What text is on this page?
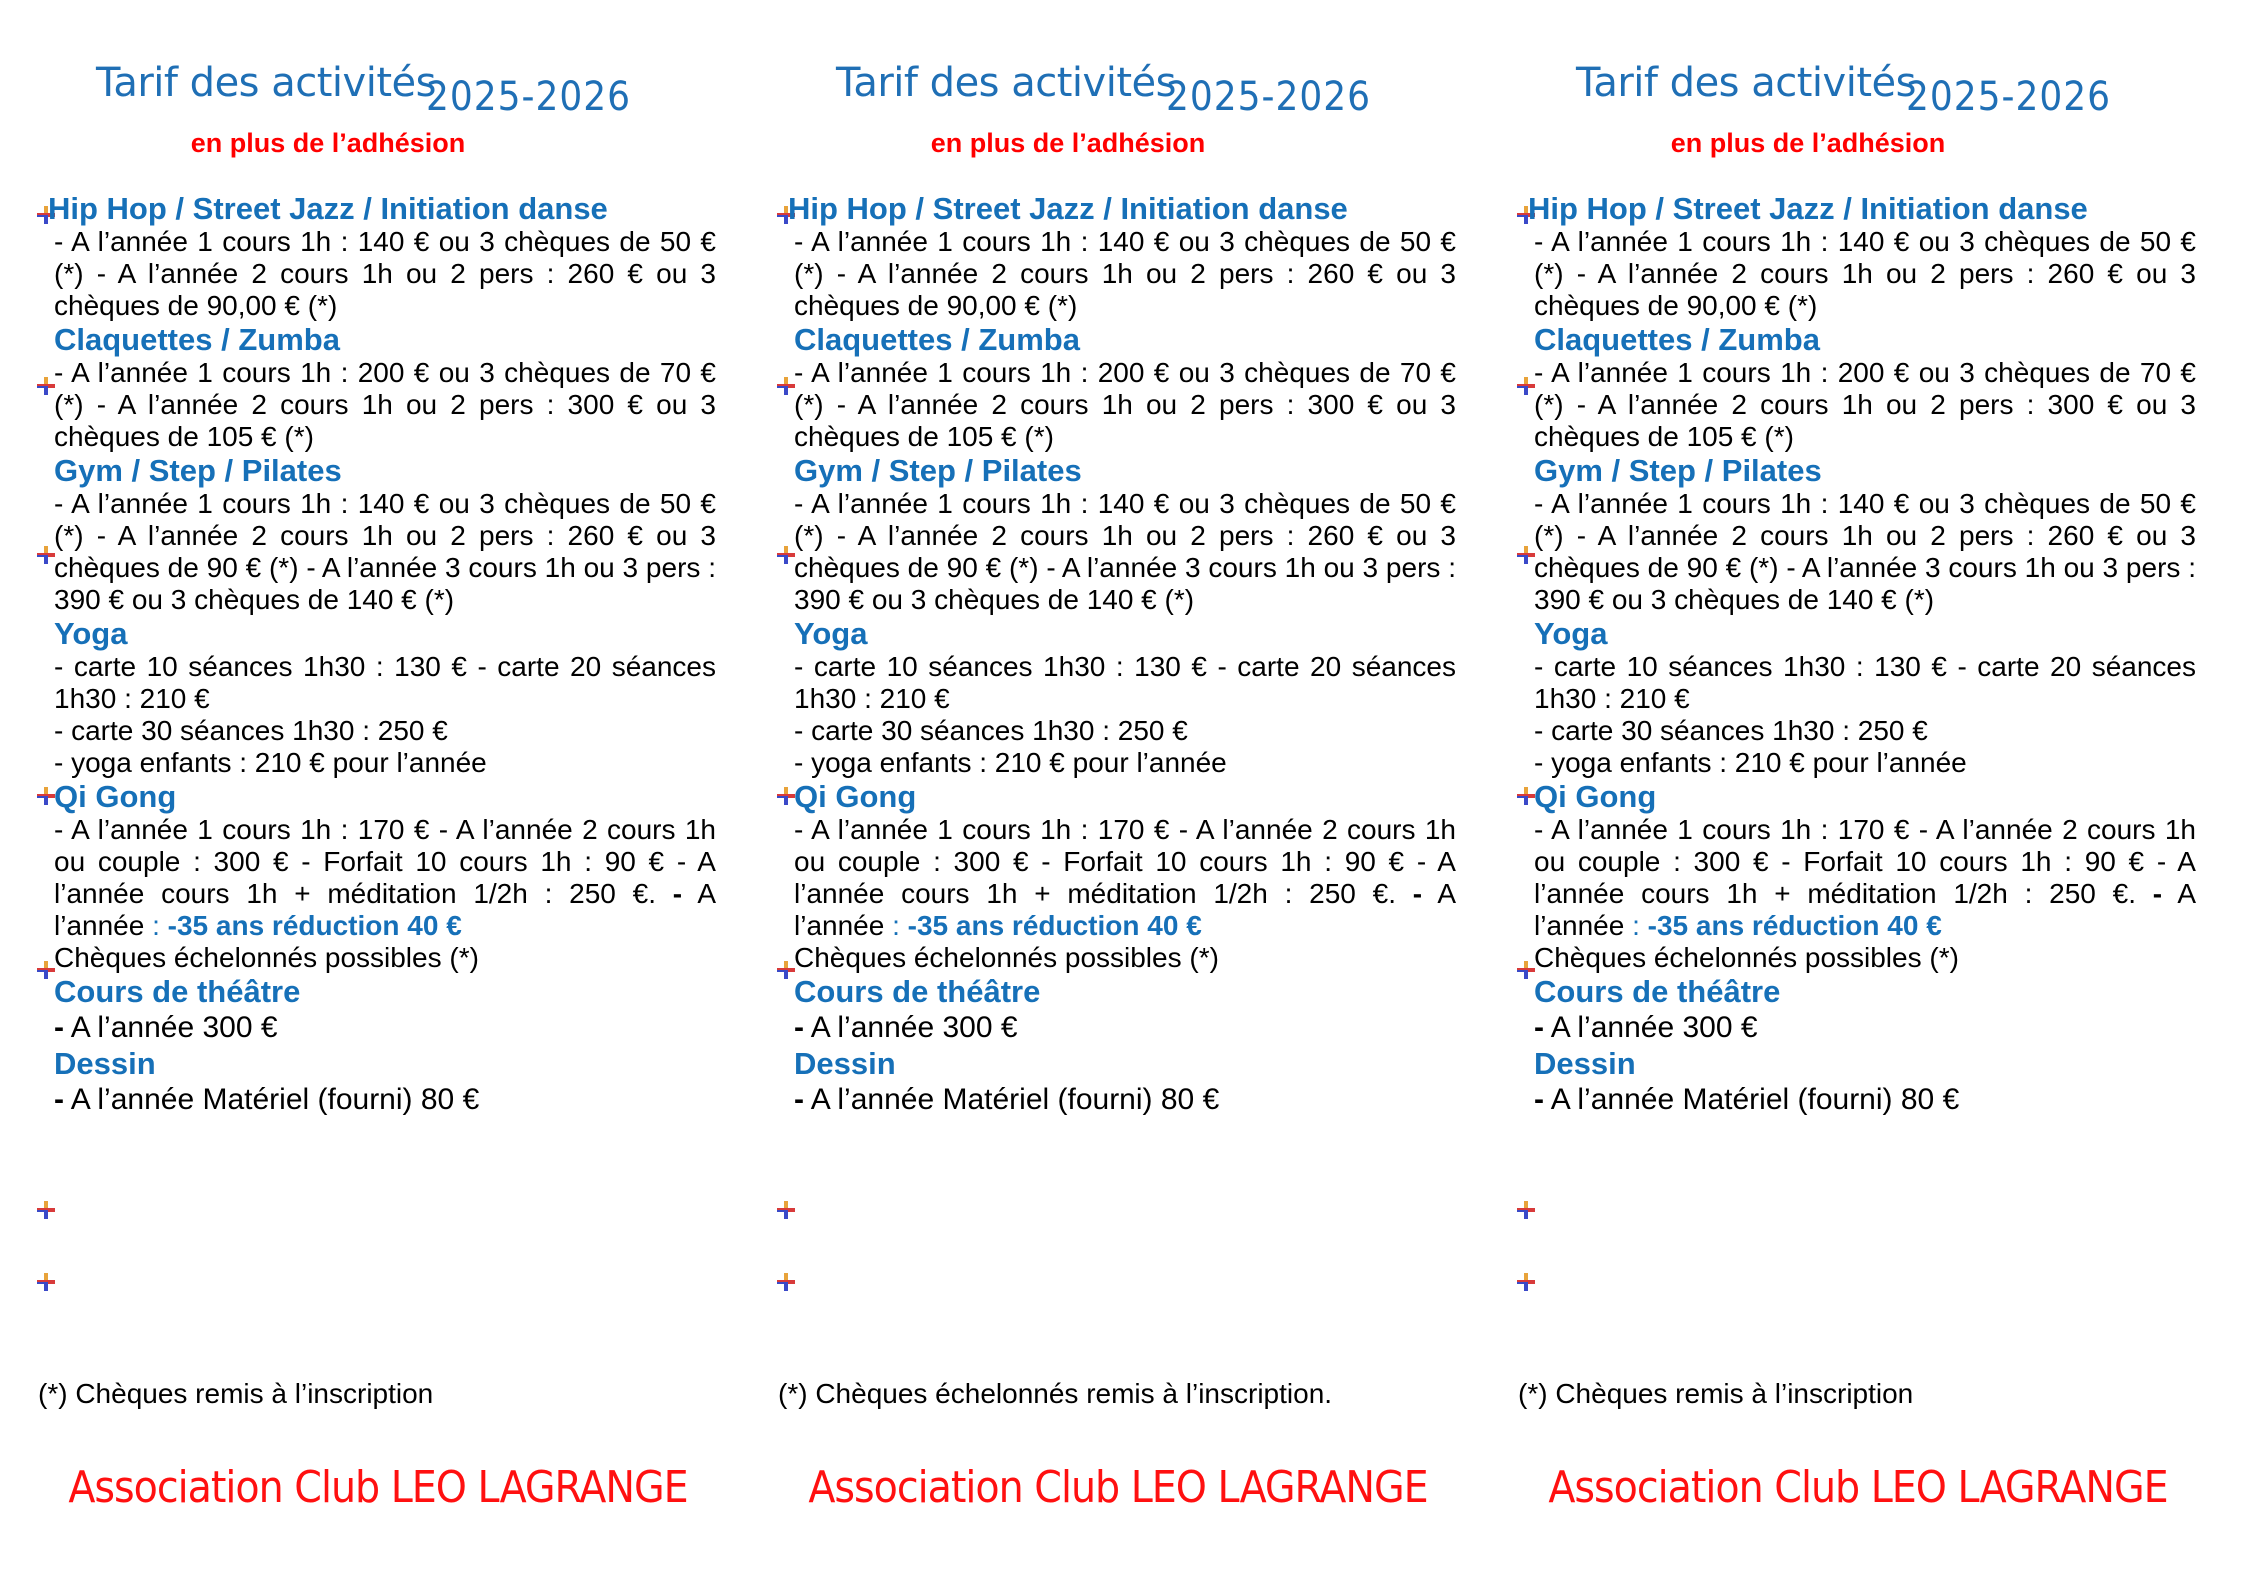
Tarif des activités2025-2026
en plus de l’adhésion
Hip Hop / Street Jazz / Initiation danse
- A l’année 1 cours 1h : 140 € ou 3 chèques de 50 € (*) - A l’année 2 cours 1h ou 2 pers : 260 € ou 3 chèques de 90,00 € (*)
Claquettes / Zumba
- A l’année 1 cours 1h : 200 € ou 3 chèques de 70 € (*) - A l’année 2 cours 1h ou 2 pers : 300 € ou 3 chèques de 105 € (*)
Gym / Step / Pilates
- A l’année 1 cours 1h : 140 € ou 3 chèques de 50 € (*) - A l’année 2 cours 1h ou 2 pers : 260 € ou 3 chèques de 90 € (*) - A l’année 3 cours 1h ou 3 pers : 390 € ou 3 chèques de 140 € (*)
Yoga
- carte 10 séances 1h30 : 130 € - carte 20 séances 1h30 : 210 €
- carte 30 séances 1h30 : 250 €
- yoga enfants : 210 € pour l’année
Qi Gong
- A l’année 1 cours 1h : 170 € - A l’année 2 cours 1h ou couple : 300 € - Forfait 10 cours 1h : 90 € - A l’année cours 1h + méditation 1/2h : 250 €. - A l’année : -35 ans réduction 40 €
Chèques échelonnés possibles (*)
Cours de théâtre
- A l’année 300 €
Dessin
- A l’année Matériel (fourni) 80 €
(*) Chèques remis à l’inscription
Association Club LEO LAGRANGE
Tarif des activités2025-2026
en plus de l’adhésion
Hip Hop / Street Jazz / Initiation danse
- A l’année 1 cours 1h : 140 € ou 3 chèques de 50 € (*) - A l’année 2 cours 1h ou 2 pers : 260 € ou 3 chèques de 90,00 € (*)
Claquettes / Zumba
- A l’année 1 cours 1h : 200 € ou 3 chèques de 70 € (*) - A l’année 2 cours 1h ou 2 pers : 300 € ou 3 chèques de 105 € (*)
Gym / Step / Pilates
- A l’année 1 cours 1h : 140 € ou 3 chèques de 50 € (*) - A l’année 2 cours 1h ou 2 pers : 260 € ou 3 chèques de 90 € (*) - A l’année 3 cours 1h ou 3 pers : 390 € ou 3 chèques de 140 € (*)
Yoga
- carte 10 séances 1h30 : 130 € - carte 20 séances 1h30 : 210 €
- carte 30 séances 1h30 : 250 €
- yoga enfants : 210 € pour l’année
Qi Gong
- A l’année 1 cours 1h : 170 € - A l’année 2 cours 1h ou couple : 300 € - Forfait 10 cours 1h : 90 € - A l’année cours 1h + méditation 1/2h : 250 €. - A l’année : -35 ans réduction 40 €
Chèques échelonnés possibles (*)
Cours de théâtre
- A l’année 300 €
Dessin
- A l’année Matériel (fourni) 80 €
(*) Chèques échelonnés remis à l’inscription.
Association Club LEO LAGRANGE
Tarif des activités2025-2026
en plus de l’adhésion
Hip Hop / Street Jazz / Initiation danse
- A l’année 1 cours 1h : 140 € ou 3 chèques de 50 € (*) - A l’année 2 cours 1h ou 2 pers : 260 € ou 3 chèques de 90,00 € (*)
Claquettes / Zumba
- A l’année 1 cours 1h : 200 € ou 3 chèques de 70 € (*) - A l’année 2 cours 1h ou 2 pers : 300 € ou 3 chèques de 105 € (*)
Gym / Step / Pilates
- A l’année 1 cours 1h : 140 € ou 3 chèques de 50 € (*) - A l’année 2 cours 1h ou 2 pers : 260 € ou 3 chèques de 90 € (*) - A l’année 3 cours 1h ou 3 pers : 390 € ou 3 chèques de 140 € (*)
Yoga
- carte 10 séances 1h30 : 130 € - carte 20 séances 1h30 : 210 €
- carte 30 séances 1h30 : 250 €
- yoga enfants : 210 € pour l’année
Qi Gong
- A l’année 1 cours 1h : 170 € - A l’année 2 cours 1h ou couple : 300 € - Forfait 10 cours 1h : 90 € - A l’année cours 1h + méditation 1/2h : 250 €. - A l’année : -35 ans réduction 40 €
Chèques échelonnés possibles (*)
Cours de théâtre
- A l’année 300 €
Dessin
- A l’année Matériel (fourni) 80 €
(*) Chèques remis à l’inscription
Association Club LEO LAGRANGE
